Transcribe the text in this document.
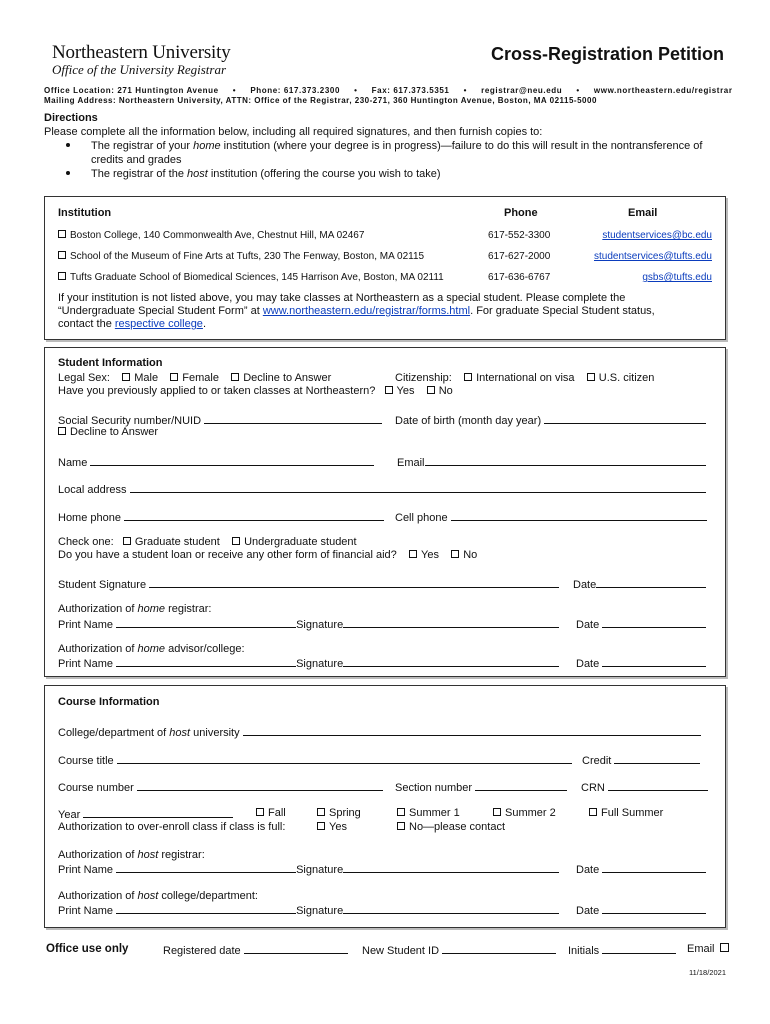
Northeastern University
Office of the University Registrar
Cross-Registration Petition
Office Location: 271 Huntington Avenue • Phone: 617.373.2300 • Fax: 617.373.5351 • registrar@neu.edu • www.northeastern.edu/registrar
Mailing Address: Northeastern University, ATTN: Office of the Registrar, 230-271, 360 Huntington Avenue, Boston, MA 02115-5000
Directions
Please complete all the information below, including all required signatures, and then furnish copies to:
The registrar of your home institution (where your degree is in progress)—failure to do this will result in the nontransference of
credits and grades
The registrar of the host institution (offering the course you wish to take)
Institution	Phone	Email
Boston College, 140 Commonwealth Ave, Chestnut Hill, MA 02467	617-552-3300	studentservices@bc.edu
School of the Museum of Fine Arts at Tufts, 230 The Fenway, Boston, MA 02115	617-627-2000	studentservices@tufts.edu
Tufts Graduate School of Biomedical Sciences, 145 Harrison Ave, Boston, MA 02111	617-636-6767	gsbs@tufts.edu
If your institution is not listed above, you may take classes at Northeastern as a special student. Please complete the
“Undergraduate Special Student Form” at www.northeastern.edu/registrar/forms.html. For graduate Special Student status,
contact the respective college.
Student Information
Legal Sex: Male Female Decline to Answer	Citizenship: International on visa U.S. citizen
Have you previously applied to or taken classes at Northeastern? Yes No
Social Security number/NUID	Date of birth (month day year)
Decline to Answer
Name	Email
Local address
Home phone	Cell phone
Check one: Graduate student Undergraduate student
Do you have a student loan or receive any other form of financial aid? Yes No
Student Signature	Date
Authorization of home registrar:
Print Name	Signature	Date
Authorization of home advisor/college:
Print Name	Signature	Date
Course Information
College/department of host university
Course title	Credit
Course number	Section number	CRN
Year	Fall	Spring	Summer 1	Summer 2	Full Summer
Authorization to over-enroll class if class is full:	Yes	No—please contact
Authorization of host registrar:
Print Name	Signature	Date
Authorization of host college/department:
Print Name	Signature	Date
Office use only	Registered date	New Student ID	Initials	Email
11/18/2021
